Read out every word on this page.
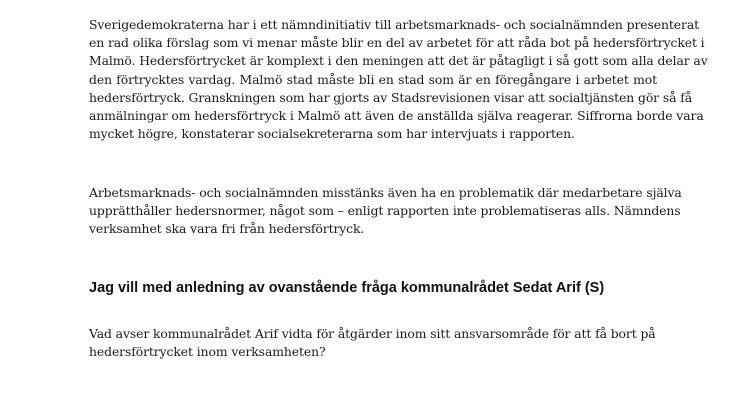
Sverigedemokraterna har i ett nämndinitiativ till arbetsmarknads- och socialnämnden presenterat
en rad olika förslag som vi menar måste blir en del av arbetet för att råda bot på hedersförtrycket i
Malmö. Hedersförtrycket är komplext i den meningen att det är påtagligt i så gott som alla delar av
den förtrycktes vardag. Malmö stad måste bli en stad som är en föregångare i arbetet mot
hedersförtryck. Granskningen som har gjorts av Stadsrevisionen visar att socialtjänsten gör så få
anmälningar om hedersförtryck i Malmö att även de anställda själva reagerar. Siffrorna borde vara
mycket högre, konstaterar socialsekreterarna som har intervjuats i rapporten.

Arbetsmarknads- och socialnämnden misstänks även ha en problematik där medarbetare själva
upprätthåller hedersnormer, något som – enligt rapporten inte problematiseras alls. Nämndens
verksamhet ska vara fri från hedersförtryck.

Jag vill med anledning av ovanstående fråga kommunalrådet Sedat Arif (S)

Vad avser kommunalrådet Arif vidta för åtgärder inom sitt ansvarsområde för att få bort på
hedersförtrycket inom verksamheten?
